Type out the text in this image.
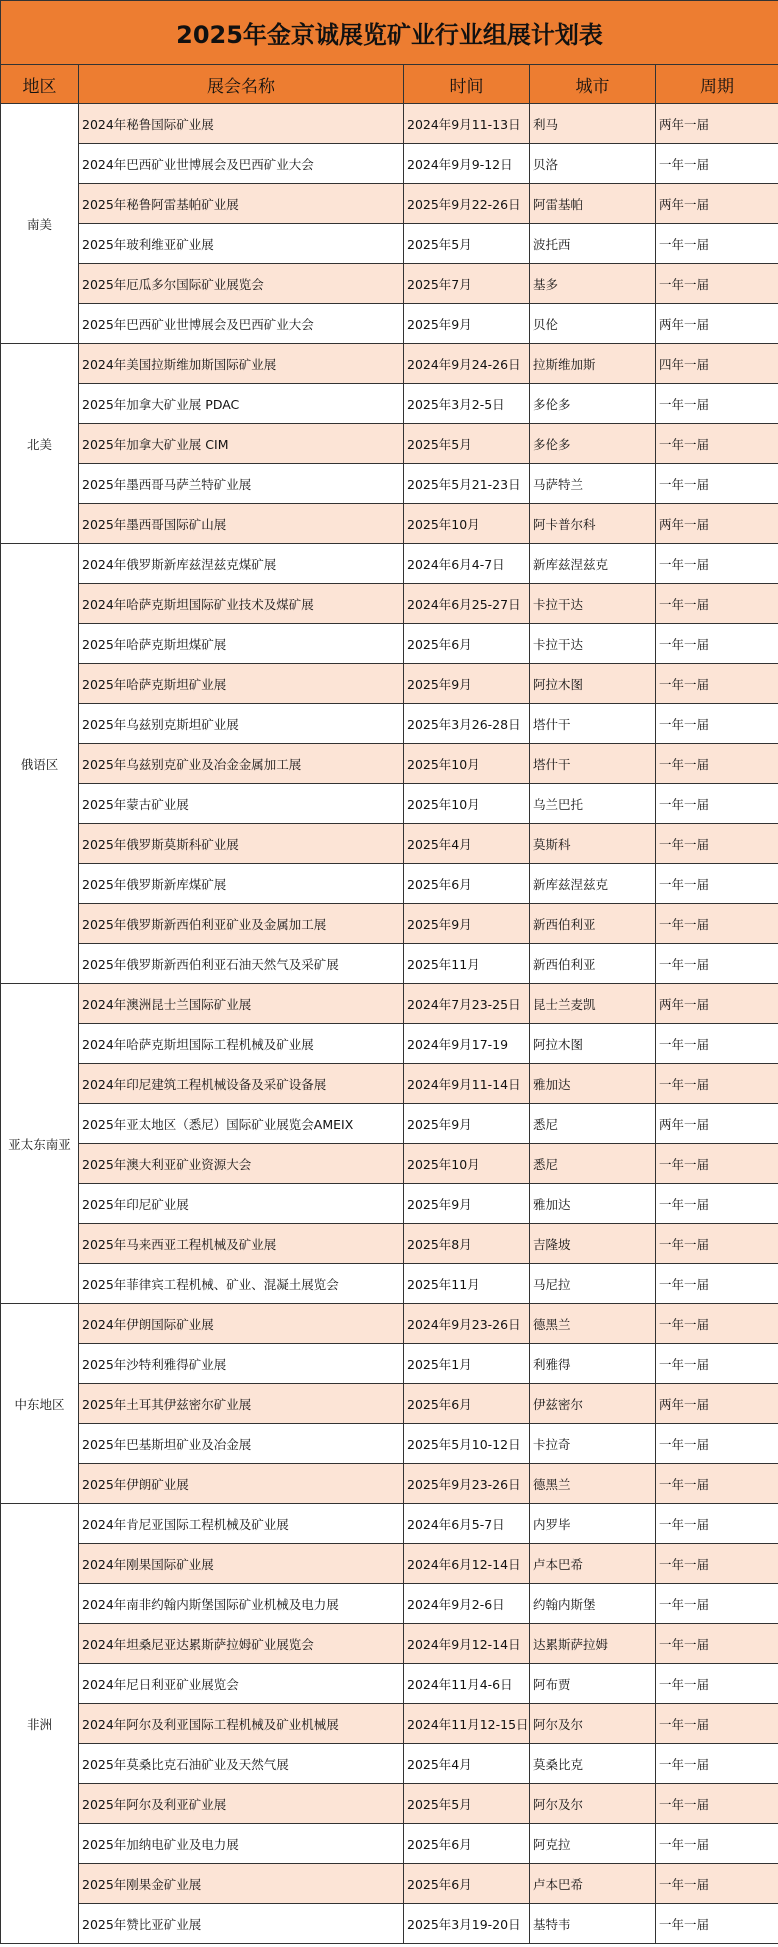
2025年金京诚展览矿业行业组展计划表				
地区	展会名称	时间	城市	周期
南美	2024年秘鲁国际矿业展	2024年9月11-13日	利马	两年一届
	2024年巴西矿业世博展会及巴西矿业大会	2024年9月9-12日	贝洛	一年一届
	2025年秘鲁阿雷基帕矿业展	2025年9月22-26日	阿雷基帕	两年一届
	2025年玻利维亚矿业展	2025年5月	波托西	一年一届
	2025年厄瓜多尔国际矿业展览会	2025年7月	基多	一年一届
	2025年巴西矿业世博展会及巴西矿业大会	2025年9月	贝伦	两年一届
北美	2024年美国拉斯维加斯国际矿业展	2024年9月24-26日	拉斯维加斯	四年一届
	2025年加拿大矿业展 PDAC	2025年3月2-5日	多伦多	一年一届
	2025年加拿大矿业展 CIM	2025年5月	多伦多	一年一届
	2025年墨西哥马萨兰特矿业展	2025年5月21-23日	马萨特兰	一年一届
	2025年墨西哥国际矿山展	2025年10月	阿卡普尔科	两年一届
俄语区	2024年俄罗斯新库兹涅兹克煤矿展	2024年6月4-7日	新库兹涅兹克	一年一届
	2024年哈萨克斯坦国际矿业技术及煤矿展	2024年6月25-27日	卡拉干达	一年一届
	2025年哈萨克斯坦煤矿展	2025年6月	卡拉干达	一年一届
	2025年哈萨克斯坦矿业展	2025年9月	阿拉木图	一年一届
	2025年乌兹别克斯坦矿业展	2025年3月26-28日	塔什干	一年一届
	2025年乌兹别克矿业及冶金金属加工展	2025年10月	塔什干	一年一届
	2025年蒙古矿业展	2025年10月	乌兰巴托	一年一届
	2025年俄罗斯莫斯科矿业展	2025年4月	莫斯科	一年一届
	2025年俄罗斯新库煤矿展	2025年6月	新库兹涅兹克	一年一届
	2025年俄罗斯新西伯利亚矿业及金属加工展	2025年9月	新西伯利亚	一年一届
	2025年俄罗斯新西伯利亚石油天然气及采矿展	2025年11月	新西伯利亚	一年一届
亚太东南亚	2024年澳洲昆士兰国际矿业展	2024年7月23-25日	昆士兰麦凯	两年一届
	2024年哈萨克斯坦国际工程机械及矿业展	2024年9月17-19	阿拉木图	一年一届
	2024年印尼建筑工程机械设备及采矿设备展	2024年9月11-14日	雅加达	一年一届
	2025年亚太地区（悉尼）国际矿业展览会AMEIX	2025年9月	悉尼	两年一届
	2025年澳大利亚矿业资源大会	2025年10月	悉尼	一年一届
	2025年印尼矿业展	2025年9月	雅加达	一年一届
	2025年马来西亚工程机械及矿业展	2025年8月	吉隆坡	一年一届
	2025年菲律宾工程机械、矿业、混凝土展览会	2025年11月	马尼拉	一年一届
中东地区	2024年伊朗国际矿业展	2024年9月23-26日	德黑兰	一年一届
	2025年沙特利雅得矿业展	2025年1月	利雅得	一年一届
	2025年土耳其伊兹密尔矿业展	2025年6月	伊兹密尔	两年一届
	2025年巴基斯坦矿业及冶金展	2025年5月10-12日	卡拉奇	一年一届
	2025年伊朗矿业展	2025年9月23-26日	德黑兰	一年一届
非洲	2024年肯尼亚国际工程机械及矿业展	2024年6月5-7日	内罗毕	一年一届
	2024年刚果国际矿业展	2024年6月12-14日	卢本巴希	一年一届
	2024年南非约翰内斯堡国际矿业机械及电力展	2024年9月2-6日	约翰内斯堡	一年一届
	2024年坦桑尼亚达累斯萨拉姆矿业展览会	2024年9月12-14日	达累斯萨拉姆	一年一届
	2024年尼日利亚矿业展览会	2024年11月4-6日	阿布贾	一年一届
	2024年阿尔及利亚国际工程机械及矿业机械展	2024年11月12-15日	阿尔及尔	一年一届
	2025年莫桑比克石油矿业及天然气展	2025年4月	莫桑比克	一年一届
	2025年阿尔及利亚矿业展	2025年5月	阿尔及尔	一年一届
	2025年加纳电矿业及电力展	2025年6月	阿克拉	一年一届
	2025年刚果金矿业展	2025年6月	卢本巴希	一年一届
	2025年赞比亚矿业展	2025年3月19-20日	基特韦	一年一届
